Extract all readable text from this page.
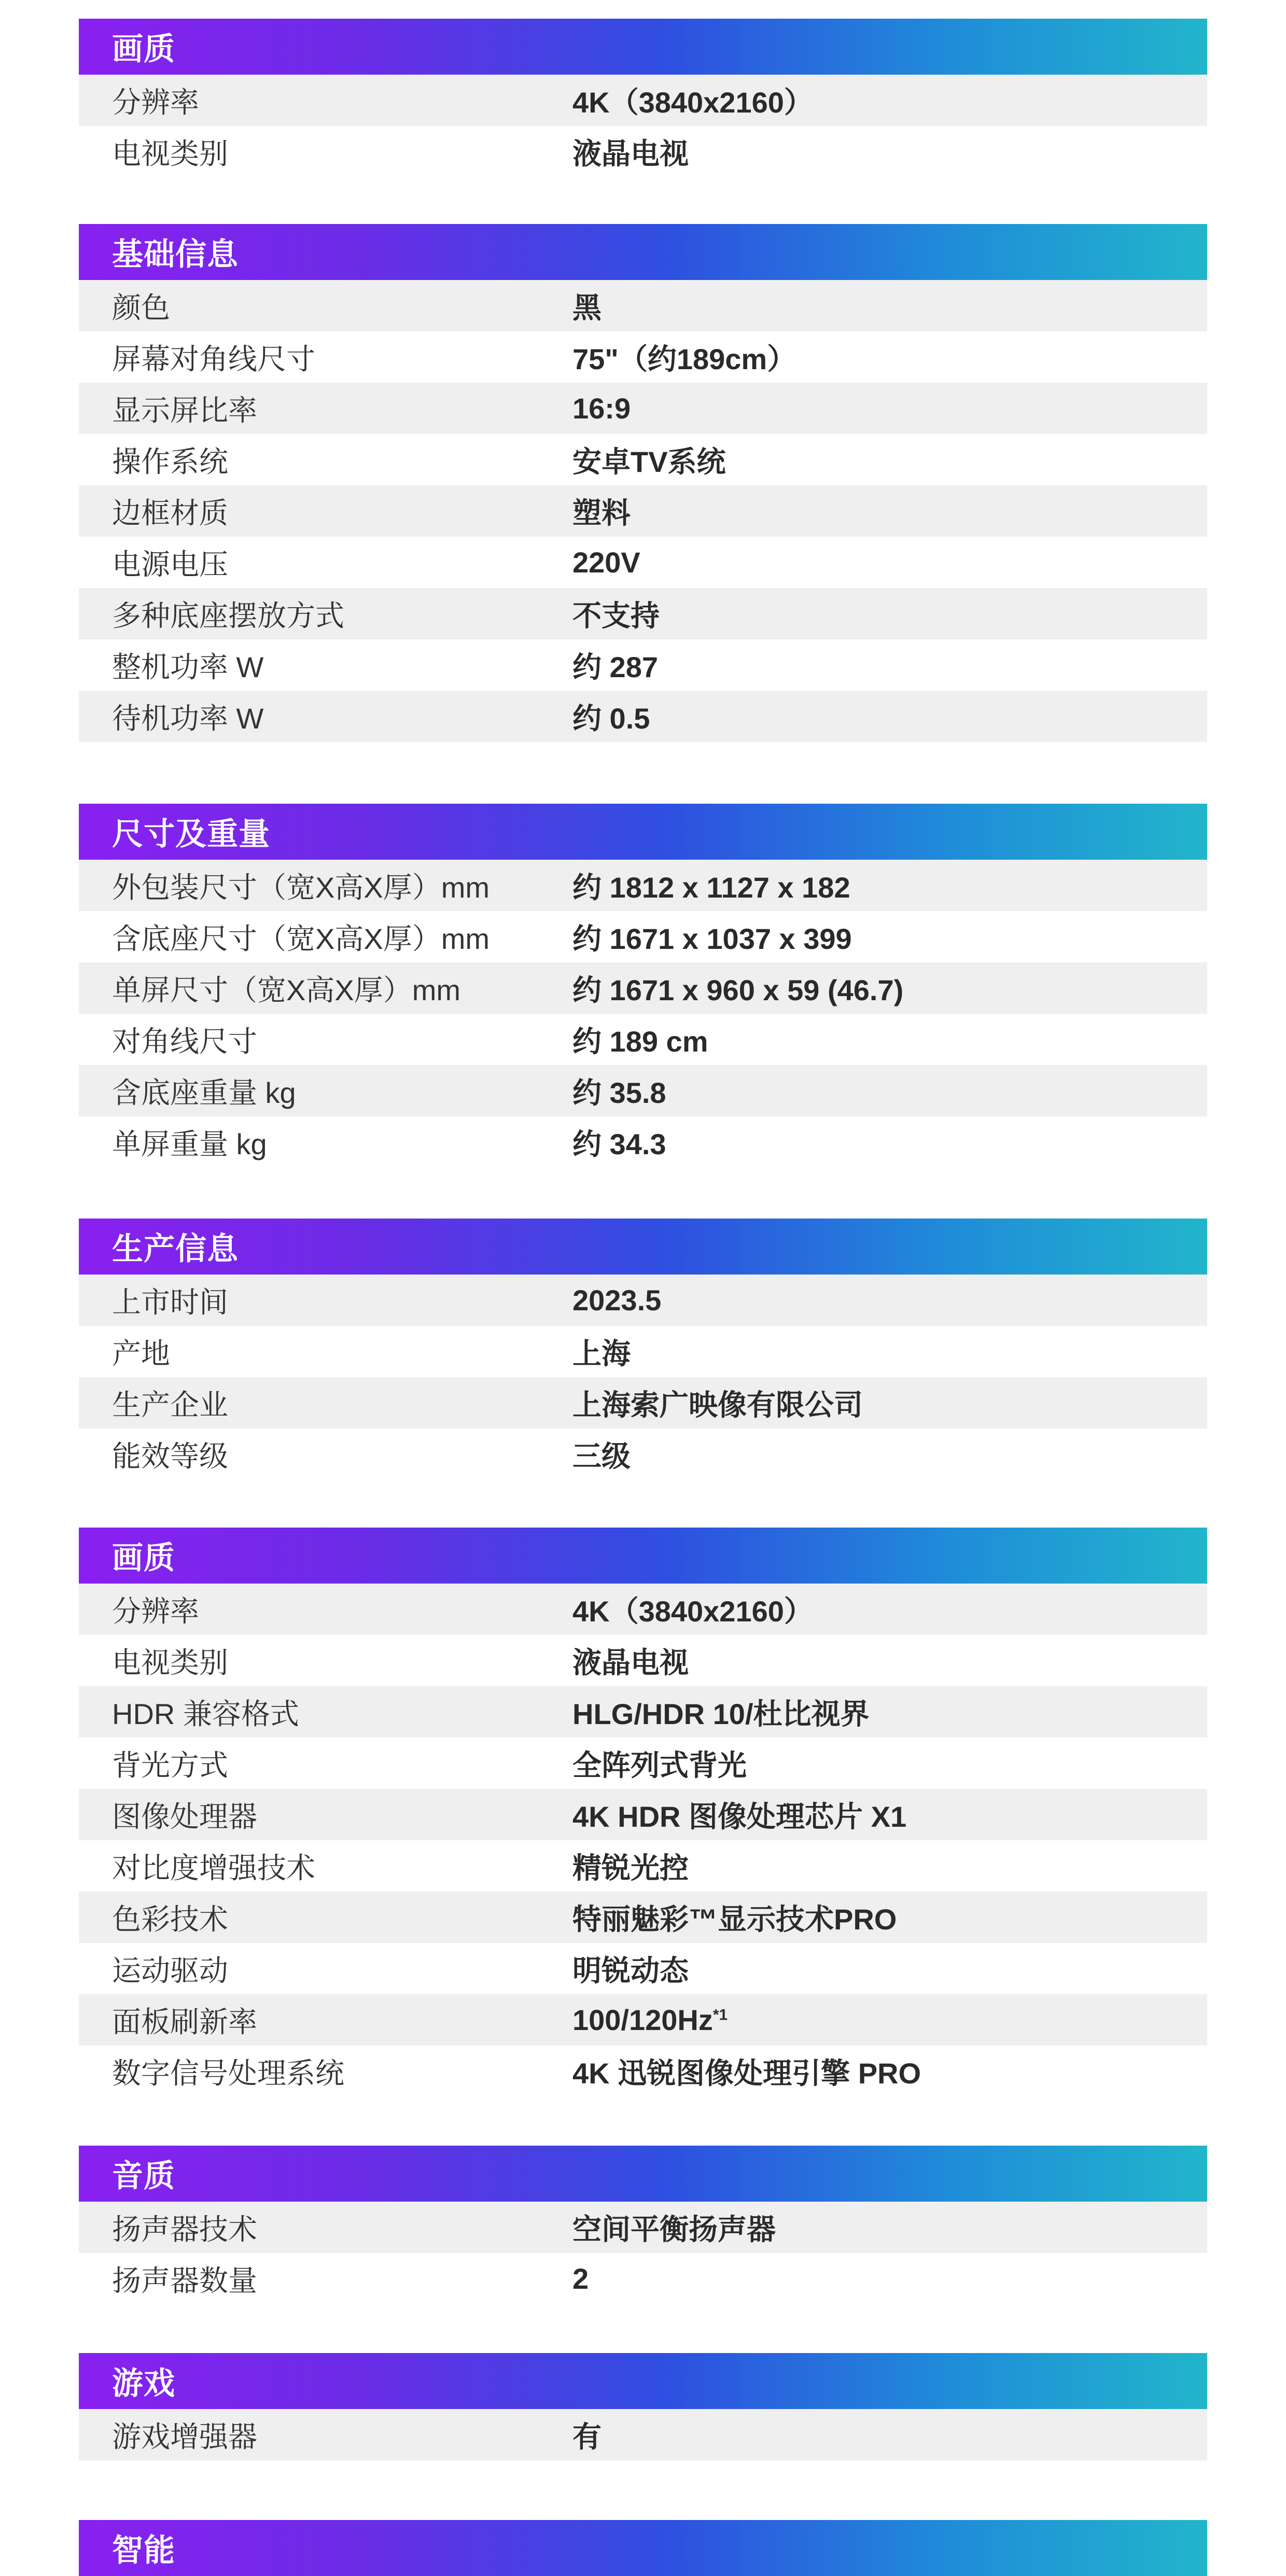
画质
分辨率	4K（3840x2160）
电视类别	液晶电视
基础信息
颜色	黑
屏幕对角线尺寸	75"（约189cm）
显示屏比率	16:9
操作系统	安卓TV系统
边框材质	塑料
电源电压	220V
多种底座摆放方式	不支持
整机功率 W	约 287
待机功率 W	约 0.5
尺寸及重量
外包装尺寸（宽X高X厚）mm	约 1812 x 1127 x 182
含底座尺寸（宽X高X厚）mm	约 1671 x 1037 x 399
单屏尺寸（宽X高X厚）mm	约 1671 x 960 x 59 (46.7)
对角线尺寸	约 189 cm
含底座重量 kg	约 35.8
单屏重量 kg	约 34.3
生产信息
上市时间	2023.5
产地	上海
生产企业	上海索广映像有限公司
能效等级	三级
画质
分辨率	4K（3840x2160）
电视类别	液晶电视
HDR 兼容格式	HLG/HDR 10/杜比视界
背光方式	全阵列式背光
图像处理器	4K HDR 图像处理芯片 X1
对比度增强技术	精锐光控
色彩技术	特丽魅彩™显示技术PRO
运动驱动	明锐动态
面板刷新率	100/120Hz$^{*1}$
数字信号处理系统	4K 迅锐图像处理引擎 PRO
音质
扬声器技术	空间平衡扬声器
扬声器数量	2
游戏
游戏增强器	有
智能
